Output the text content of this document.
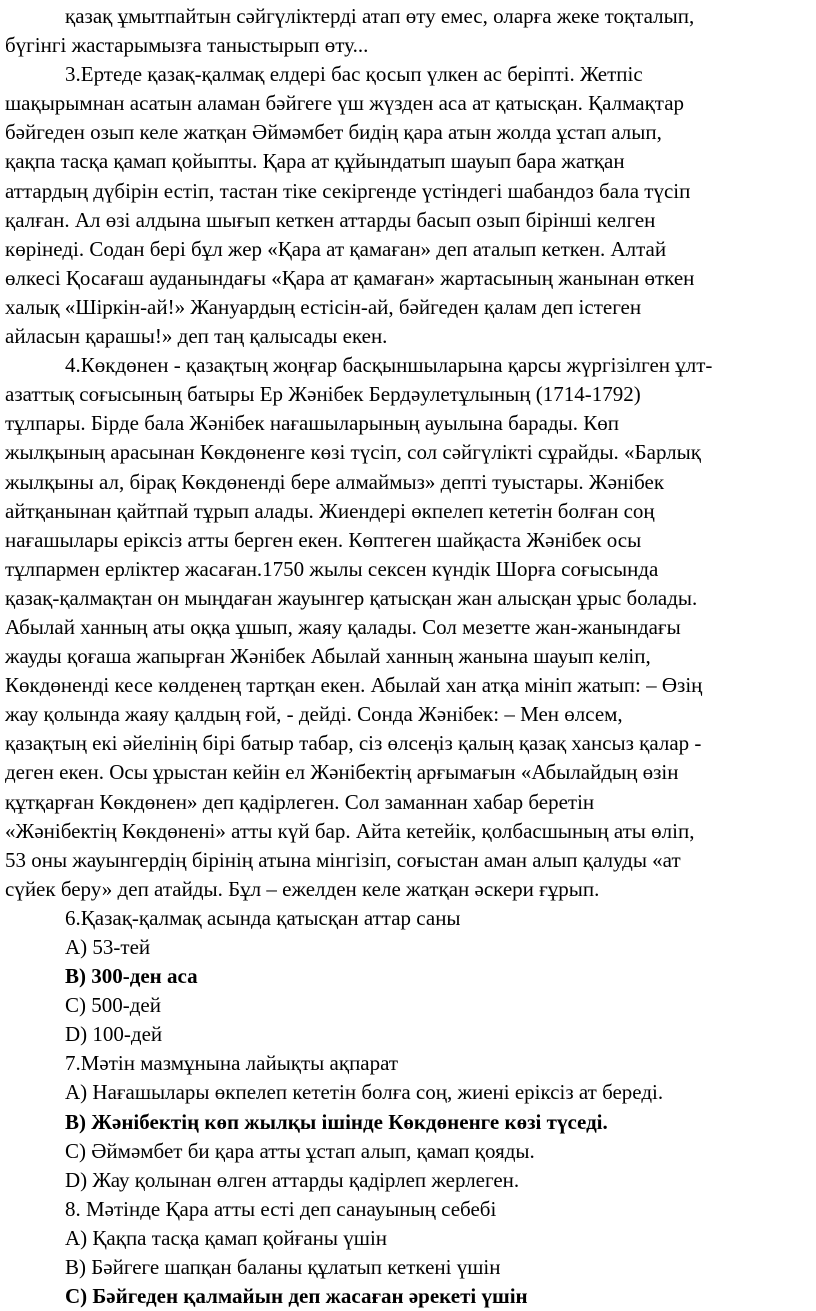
қазақ ұмытпайтын сәйгүліктерді атап өту емес, оларға жеке тоқталып,
бүгінгі жастарымызға таныстырып өту...
3.Ертеде қазақ-қалмақ елдері бас қосып үлкен ас беріпті. Жетпіс
шақырымнан асатын аламан бәйгеге үш жүзден аса ат қатысқан. Қалмақтар
бәйгеден озып келе жатқан Әймәмбет бидің қара атын жолда ұстап алып,
қақпа тасқа қамап қойыпты. Қара ат құйындатып шауып бара жатқан
аттардың дүбірін естіп, тастан тіке секіргенде үстіндегі шабандоз бала түсіп
қалған. Ал өзі алдына шығып кеткен аттарды басып озып бірінші келген
көрінеді. Содан бері бұл жер «Қара ат қамаған» деп аталып кеткен. Алтай
өлкесі Қосағаш ауданындағы «Қара ат қамаған» жартасының жанынан өткен
халық «Шіркін-ай!» Жануардың естісін-ай, бәйгеден қалам деп істеген
айласын қарашы!» деп таң қалысады екен.
4.Көкдөнен - қазақтың жоңғар басқыншыларына қарсы жүргізілген ұлт-
азаттық соғысының батыры Ер Жәнібек Бердәулетұлының (1714-1792)
тұлпары. Бірде бала Жәнібек нағашыларының ауылына барады. Көп
жылқының арасынан Көкдөненге көзі түсіп, сол сәйгүлікті сұрайды. «Барлық
жылқыны ал, бірақ Көкдөненді бере алмаймыз» депті туыстары. Жәнібек
айтқанынан қайтпай тұрып алады. Жиендері өкпелеп кететін болған соң
нағашылары еріксіз атты берген екен. Көптеген шайқаста Жәнібек осы
тұлпармен ерліктер жасаған.1750 жылы сексен күндік Шорға соғысында
қазақ-қалмақтан он мыңдаған жауынгер қатысқан жан алысқан ұрыс болады.
Абылай ханның аты оққа ұшып, жаяу қалады. Сол мезетте жан-жанындағы
жауды қоғаша жапырған Жәнібек Абылай ханның жанына шауып келіп,
Көкдөненді кесе көлденең тартқан екен. Абылай хан атқа мініп жатып: – Өзің
жау қолында жаяу қалдың ғой, - дейді. Сонда Жәнібек: – Мен өлсем,
қазақтың екі әйелінің бірі батыр табар, сіз өлсеңіз қалың қазақ хансыз қалар -
деген екен. Осы ұрыстан кейін ел Жәнібектің арғымағын «Абылайдың өзін
құтқарған Көкдөнен» деп қадірлеген. Сол заманнан хабар беретін
«Жәнібектің Көкдөнені» атты күй бар. Айта кетейік, қолбасшының аты өліп,
53 оны жауынгердің бірінің атына мінгізіп, соғыстан аман алып қалуды «ат
сүйек беру» деп атайды. Бұл – ежелден келе жатқан әскери ғұрып.
6.Қазақ-қалмақ асында қатысқан аттар саны
А) 53-тей
В) 300-ден аса
С) 500-дей
D) 100-дей
7.Мәтін мазмұнына лайықты ақпарат
А) Нағашылары өкпелеп кететін болға соң, жиені еріксіз ат береді.
В) Жәнібектің көп жылқы ішінде Көкдөненге көзі түседі.
С) Әймәмбет би қара атты ұстап алып, қамап қояды.
D) Жау қолынан өлген аттарды қадірлеп жерлеген.
8. Мәтінде Қара атты есті деп санауының себебі
А) Қақпа тасқа қамап қойғаны үшін
В) Бәйгеге шапқан баланы құлатып кеткені үшін
С) Бәйгеден қалмайын деп жасаған әрекеті үшін
